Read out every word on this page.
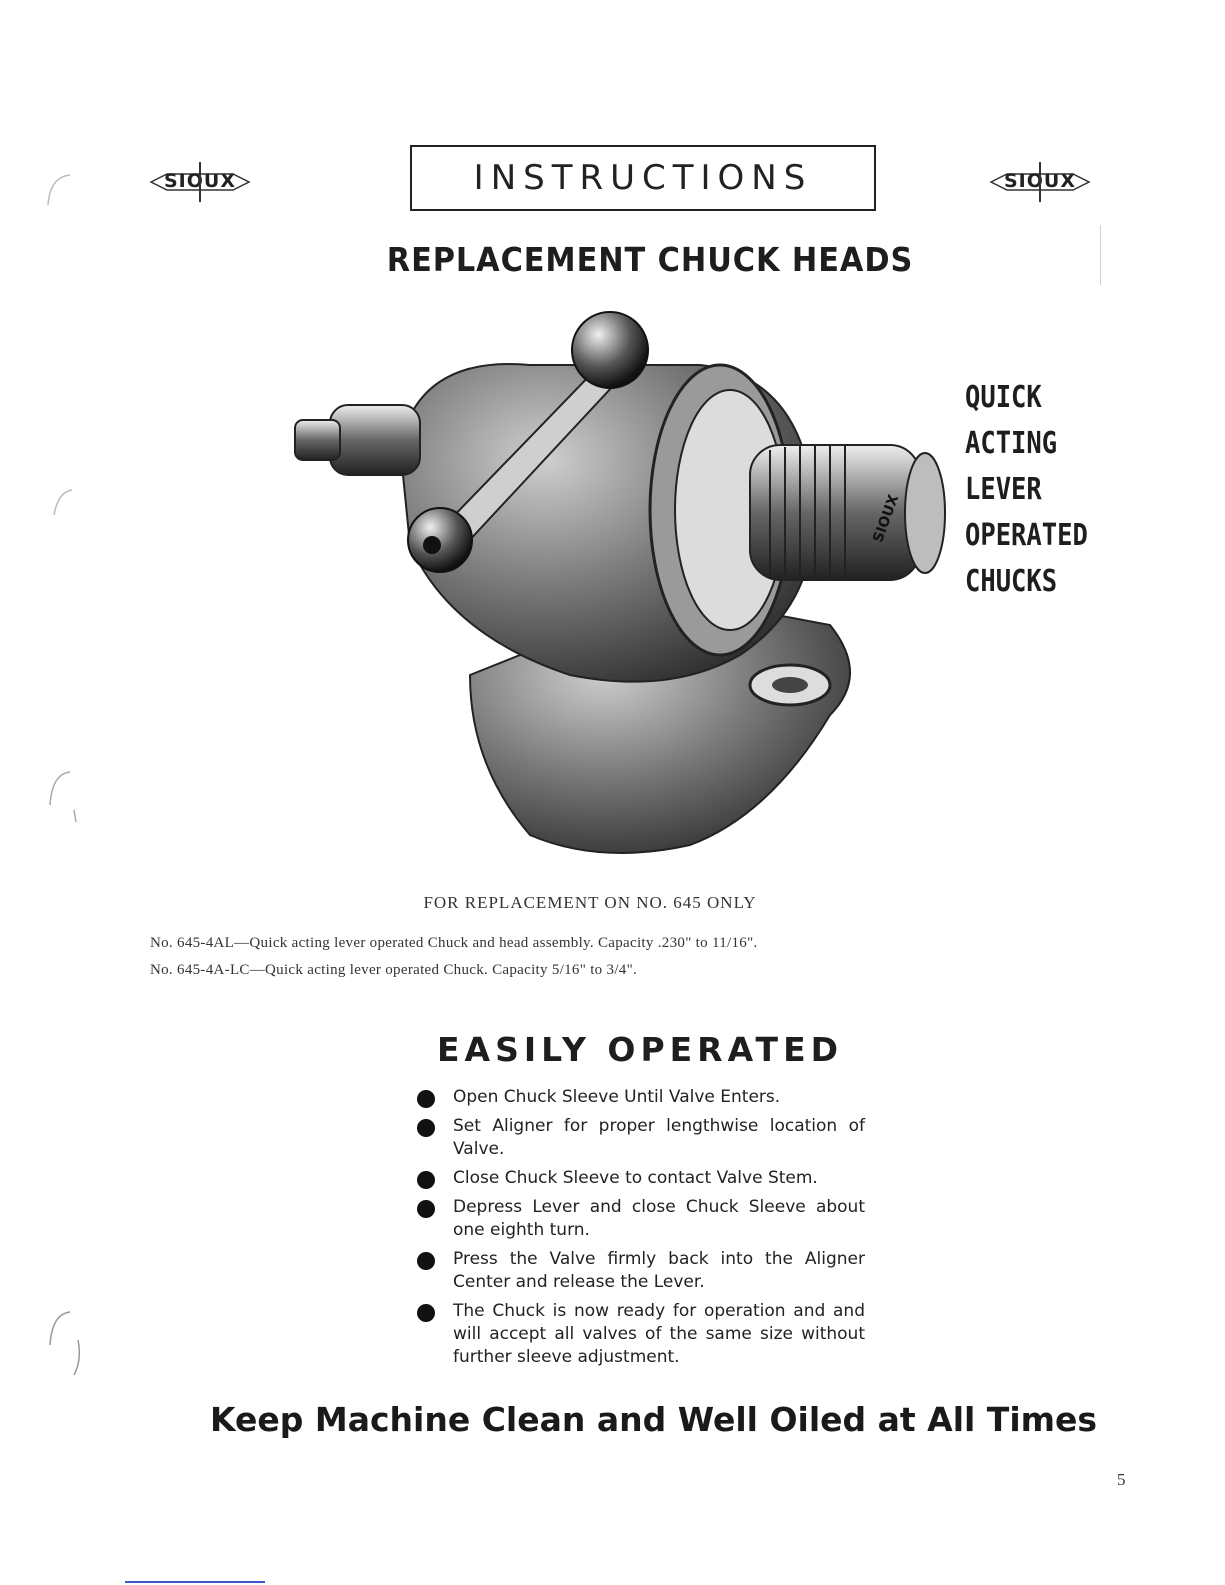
SIOUX	INSTRUCTIONS	SIOUX
REPLACEMENT CHUCK HEADS
SIOUX
QUICK
ACTING
LEVER
OPERATED
CHUCKS
FOR REPLACEMENT ON NO. 645 ONLY
No. 645-4AL—Quick acting lever operated Chuck and head assembly. Capacity .230" to 11/16".
No. 645-4A-LC—Quick acting lever operated Chuck. Capacity 5/16" to 3/4".
EASILY OPERATED
Open Chuck Sleeve Until Valve Enters.
Set Aligner for proper lengthwise location of Valve.
Close Chuck Sleeve to contact Valve Stem.
Depress Lever and close Chuck Sleeve about one eighth turn.
Press the Valve firmly back into the Aligner Center and release the Lever.
The Chuck is now ready for operation and and will accept all valves of the same size without further sleeve adjustment.
Keep Machine Clean and Well Oiled at All Times
5
